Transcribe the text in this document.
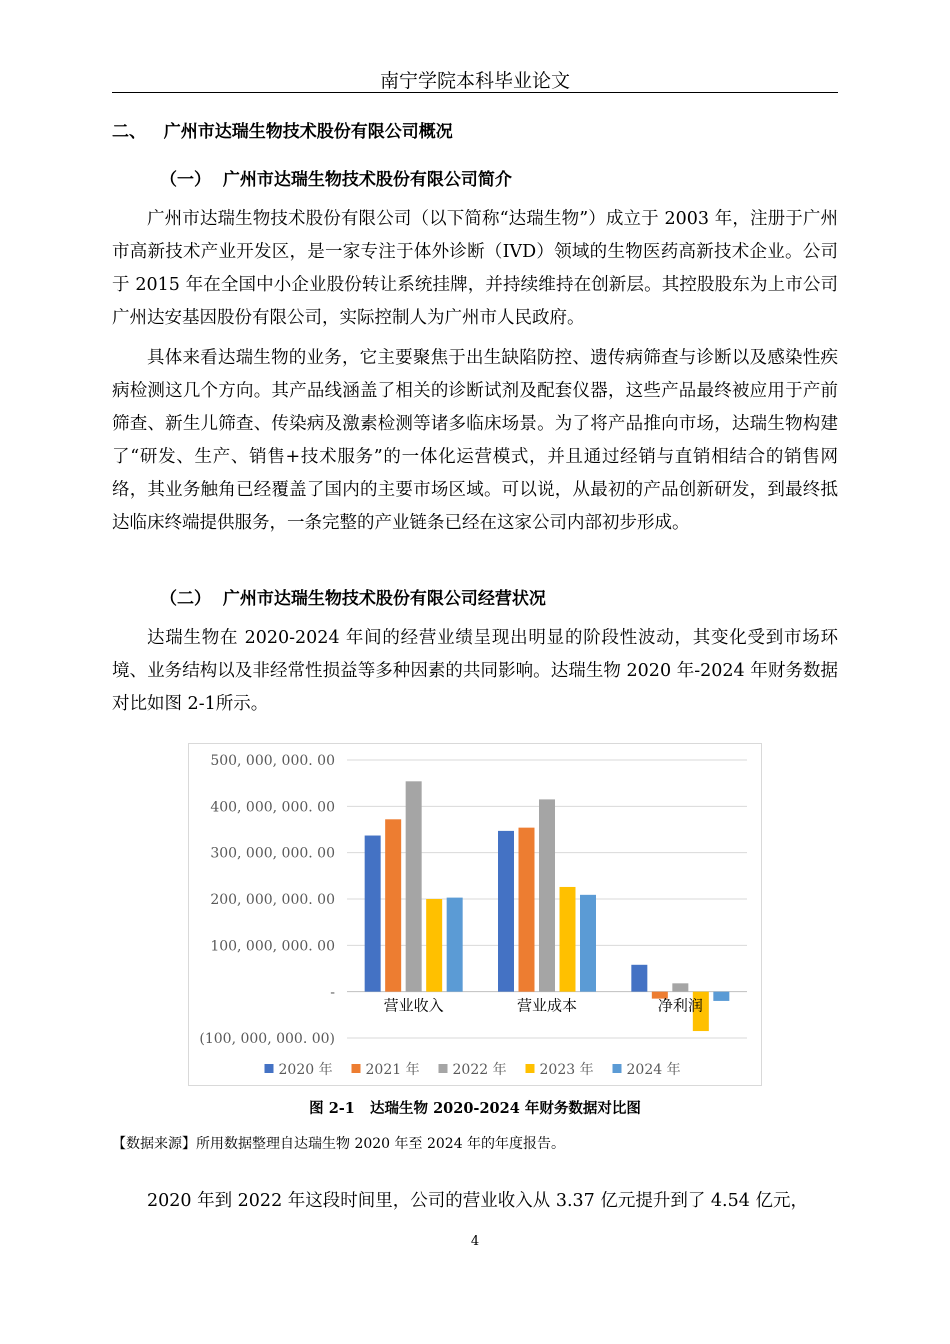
南宁学院本科毕业论文
二、   广州市达瑞生物技术股份有限公司概况
（一）  广州市达瑞生物技术股份有限公司简介

广州市达瑞生物技术股份有限公司（以下简称“达瑞生物”）成立于 2003 年，注册于广州市高新技术产业开发区，是一家专注于体外诊断（IVD）领域的生物医药高新技术企业。公司于 2015 年在全国中小企业股份转让系统挂牌，并持续维持在创新层。其控股股东为上市公司广州达安基因股份有限公司，实际控制人为广州市人民政府。

具体来看达瑞生物的业务，它主要聚焦于出生缺陷防控、遗传病筛查与诊断以及感染性疾病检测这几个方向。其产品线涵盖了相关的诊断试剂及配套仪器，这些产品最终被应用于产前筛查、新生儿筛查、传染病及激素检测等诸多临床场景。为了将产品推向市场，达瑞生物构建了“研发、生产、销售+技术服务”的一体化运营模式，并且通过经销与直销相结合的销售网络，其业务触角已经覆盖了国内的主要市场区域。可以说，从最初的产品创新研发，到最终抵达临床终端提供服务，一条完整的产业链条已经在这家公司内部初步形成。

（二）  广州市达瑞生物技术股份有限公司经营状况

达瑞生物在 2020-2024 年间的经营业绩呈现出明显的阶段性波动，其变化受到市场环境、业务结构以及非经常性损益等多种因素的共同影响。达瑞生物 2020 年-2024 年财务数据对比如图 2-1所示。

500, 000, 000. 00
400, 000, 000. 00
300, 000, 000. 00
200, 000, 000. 00
100, 000, 000. 00
-
(100, 000, 000. 00)
营业收入	营业成本	净利润
2020 年 2021 年 2022 年 2023 年 2024 年
图 2-1   达瑞生物 2020-2024 年财务数据对比图
【数据来源】所用数据整理自达瑞生物 2020 年至 2024 年的年度报告。

2020 年到 2022 年这段时间里，公司的营业收入从 3.37 亿元提升到了 4.54 亿元，

4
